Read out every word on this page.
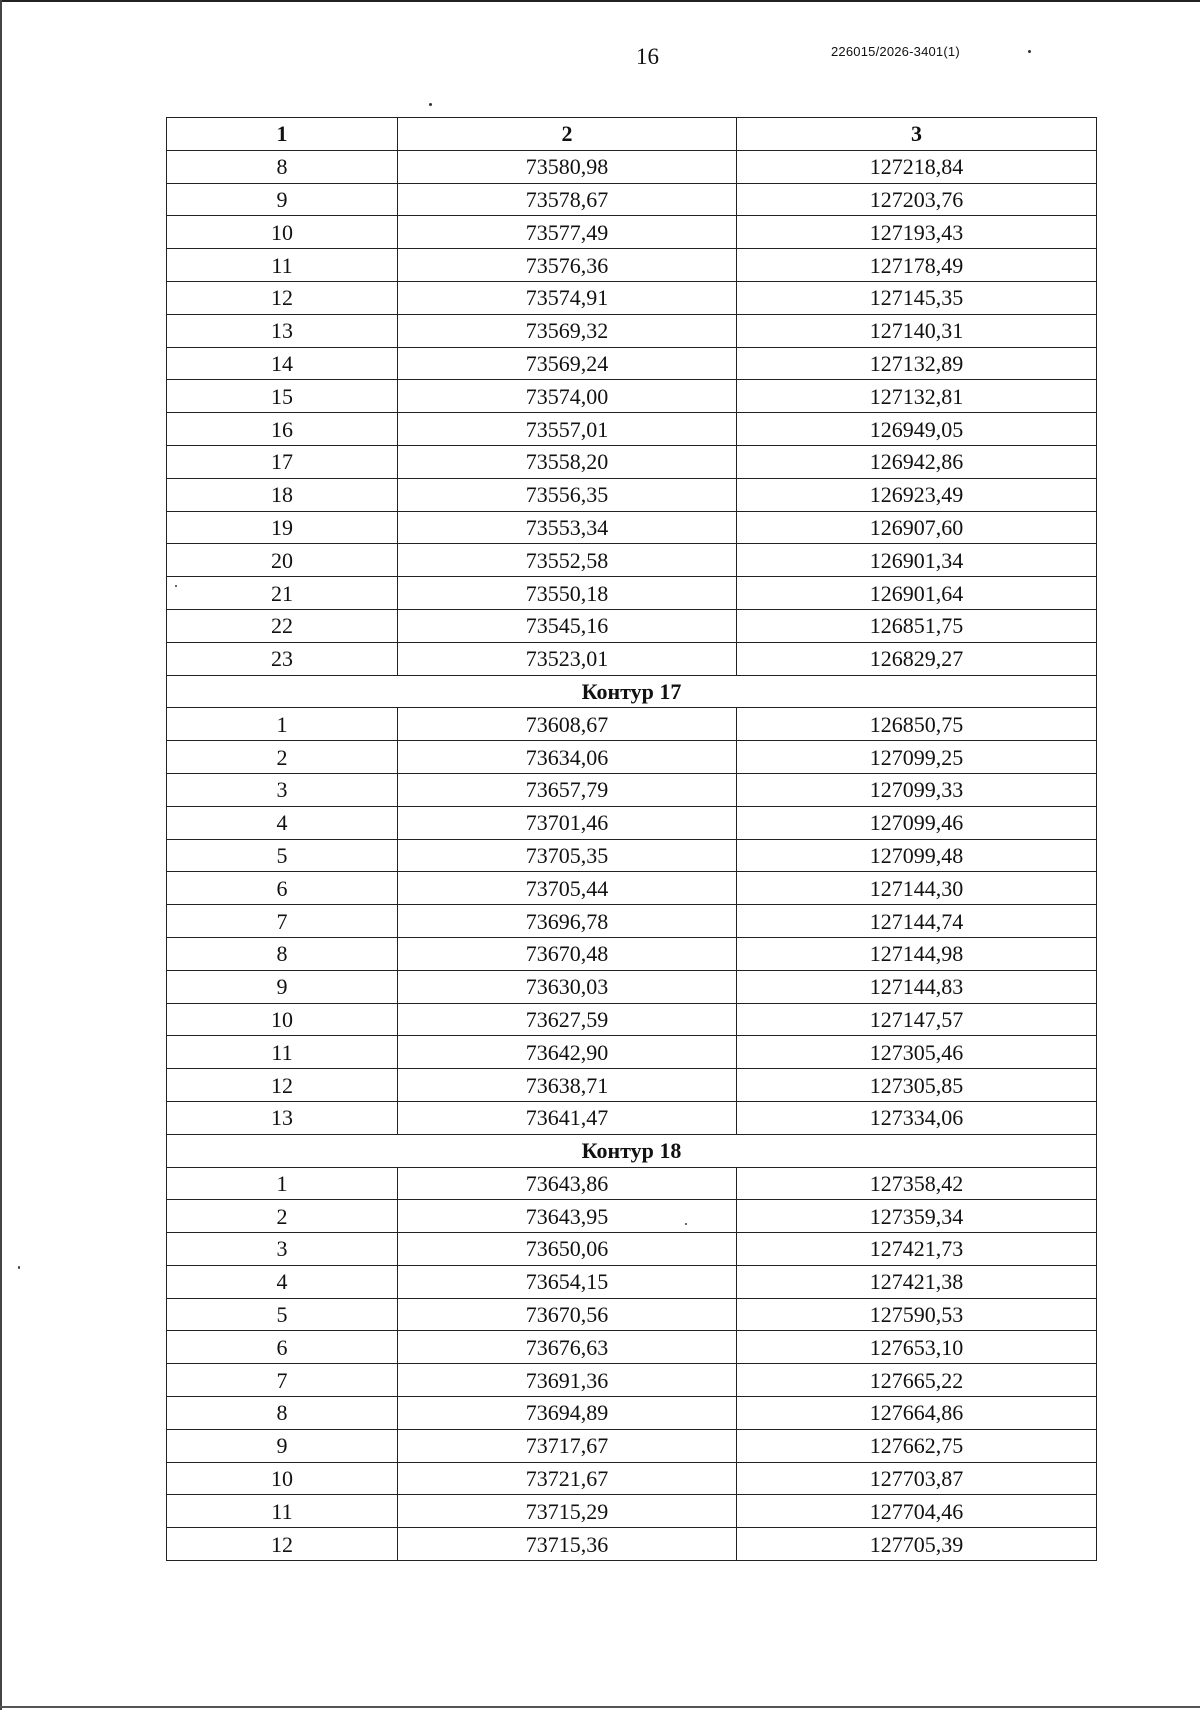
16	226015/2026-3401(1)
1	2	3
8	73580,98	127218,84
9	73578,67	127203,76
10	73577,49	127193,43
11	73576,36	127178,49
12	73574,91	127145,35
13	73569,32	127140,31
14	73569,24	127132,89
15	73574,00	127132,81
16	73557,01	126949,05
17	73558,20	126942,86
18	73556,35	126923,49
19	73553,34	126907,60
20	73552,58	126901,34
21	73550,18	126901,64
22	73545,16	126851,75
23	73523,01	126829,27
Контур 17		
1	73608,67	126850,75
2	73634,06	127099,25
3	73657,79	127099,33
4	73701,46	127099,46
5	73705,35	127099,48
6	73705,44	127144,30
7	73696,78	127144,74
8	73670,48	127144,98
9	73630,03	127144,83
10	73627,59	127147,57
11	73642,90	127305,46
12	73638,71	127305,85
13	73641,47	127334,06
Контур 18		
1	73643,86	127358,42
2	73643,95	127359,34
3	73650,06	127421,73
4	73654,15	127421,38
5	73670,56	127590,53
6	73676,63	127653,10
7	73691,36	127665,22
8	73694,89	127664,86
9	73717,67	127662,75
10	73721,67	127703,87
11	73715,29	127704,46
12	73715,36	127705,39
